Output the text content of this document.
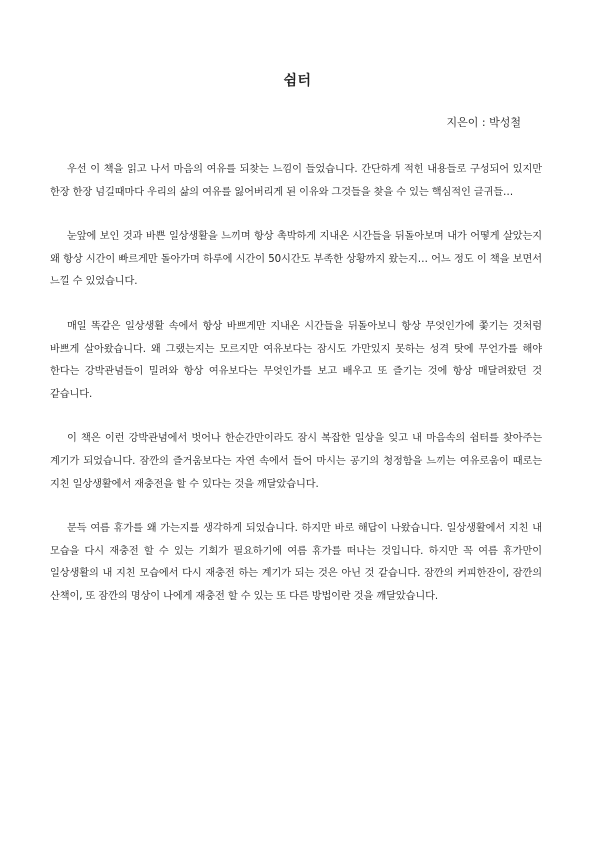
쉼터
지은이 : 박성철

우선 이 책을 읽고 나서 마음의 여유를 되찾는 느낌이 들었습니다. 간단하게 적힌 내용들로 구성되어 있지만 한장 한장 넘길때마다 우리의 삶의 여유를 잃어버리게 된 이유와 그것들을 찾을 수 있는 핵심적인 글귀들…

눈앞에 보인 것과 바쁜 일상생활을 느끼며 항상 촉박하게 지내온 시간들을 뒤돌아보며 내가 어떻게 살았는지 왜 항상 시간이 빠르게만 돌아가며 하루에 시간이 50시간도 부족한 상황까지 왔는지… 어느 정도 이 책을 보면서 느낄 수 있었습니다.

매일 똑같은 일상생활 속에서 항상 바쁘게만 지내온 시간들을 뒤돌아보니 항상 무엇인가에 쫓기는 것처럼 바쁘게 살아왔습니다. 왜 그랬는지는 모르지만 여유보다는 잠시도 가만있지 못하는 성격 탓에 무언가를 해야 한다는 강박관념들이 밀려와 항상 여유보다는 무엇인가를 보고 배우고 또 즐기는 것에 항상 매달려왔던 것 같습니다.

이 책은 이런 강박관념에서 벗어나 한순간만이라도 잠시 복잡한 일상을 잊고 내 마음속의 쉼터를 찾아주는 계기가 되었습니다. 잠깐의 즐거움보다는 자연 속에서 들어 마시는 공기의 청정함을 느끼는 여유로움이 때로는 지친 일상생활에서 재충전을 할 수 있다는 것을 깨달았습니다.

문득 여름 휴가를 왜 가는지를 생각하게 되었습니다. 하지만 바로 해답이 나왔습니다. 일상생활에서 지친 내 모습을 다시 재충전 할 수 있는 기회가 필요하기에 여름 휴가를 떠나는 것입니다. 하지만 꼭 여름 휴가만이 일상생활의 내 지친 모습에서 다시 재충전 하는 계기가 되는 것은 아닌 것 같습니다. 잠깐의 커피한잔이, 잠깐의 산책이, 또 잠깐의 명상이 나에게 재충전 할 수 있는 또 다른 방법이란 것을 깨달았습니다.
